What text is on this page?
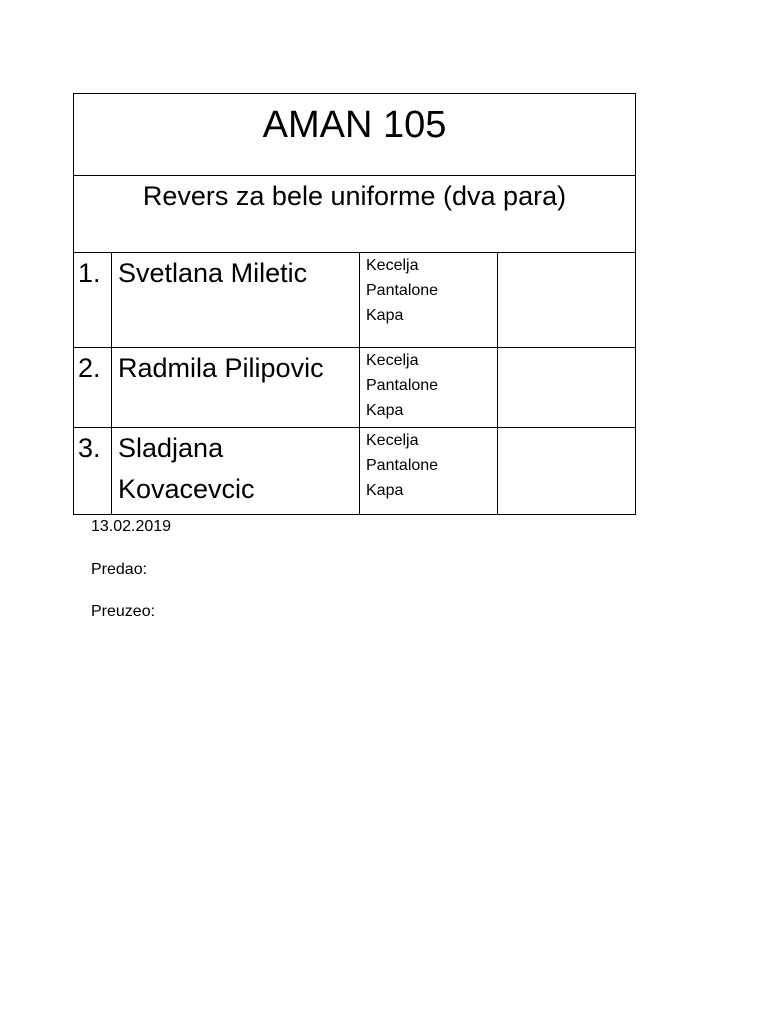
AMAN 105			
Revers za bele uniforme (dva para)			
1.	Svetlana Miletic	Kecelja
Pantalone
Kapa	

2.	Radmila Pilipovic	Kecelja
Pantalone
Kapa	

3.	Sladjana
Kovacevcic	Kecelja
Pantalone
Kapa	

13.02.2019
Predao:
Preuzeo:
